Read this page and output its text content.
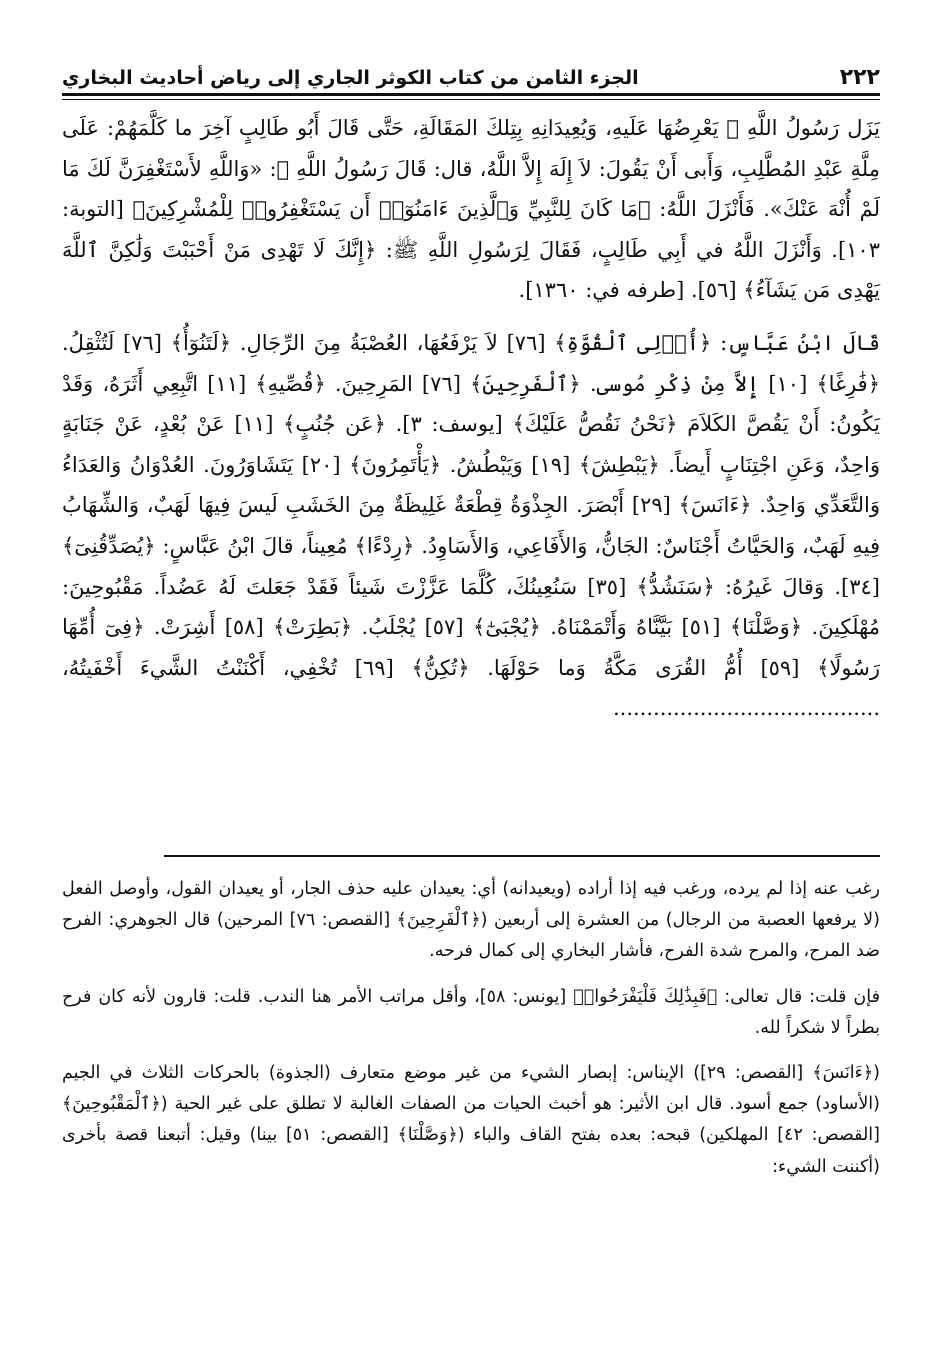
٢٢٢
الجزء الثامن من كتاب الكوثر الجاري إلى رياض أحاديث البخاري

يَزَل رَسُولُ اللَّهِ ﷺ يَعْرِضُهَا عَلَيهِ، وَيُعِيدَانِهِ بِتِلكَ المَقَالَةِ، حَتَّى قَالَ أَبُو طَالِبٍ آخِرَ ما كَلَّمَهُمْ: عَلَى مِلَّةِ عَبْدِ المُطَّلِبِ، وَأَبى أَنْ يَقُولَ: لاَ إِلَهَ إِلاَّ اللَّهُ، قال: قَالَ رَسُولُ اللَّهِ ﷺ: «وَاللَّهِ لأَسْتَغْفِرَنَّ لَكَ مَا لَمْ أُنْهَ عَنْكَ». فَأَنْزَلَ اللَّهُ: ﴿مَا كَانَ لِلنَّبِيِّ وَٱلَّذِينَ ءَامَنُوٓا۟ أَن يَسْتَغْفِرُوا۟ لِلْمُشْرِكِينَ﴾ [التوبة: ١٠٣]. وَأَنْزَلَ اللَّهُ في أَبِي طَالِبٍ، فَقَالَ لِرَسُولِ اللَّهِ ﷺ: ﴿إِنَّكَ لَا تَهْدِى مَنْ أَحْبَبْتَ وَلَٰكِنَّ ٱللَّهَ يَهْدِى مَن يَشَآءُ﴾ [٥٦]. [طرفه في: ١٣٦٠].

قَالَ ابْنُ عَبَّاسٍ: ﴿أُو۟لِى ٱلْقُوَّةِ﴾ [٧٦] لاَ يَرْفَعُهَا، العُصْبَةُ مِنَ الرِّجَالِ. ﴿لَتَنُوٓأُ﴾ [٧٦] لَتُثْقِلُ. ﴿فَٰرِغًا﴾ [١٠] إِلاَّ مِنْ ذِكْرِ مُوسى. ﴿ٱلْفَرِحِينَ﴾ [٧٦] المَرِحِينَ. ﴿قُصِّيهِ﴾ [١١] اتَّبِعِي أَثَرَهُ، وَقَدْ يَكُونُ: أَنْ يَقُصَّ الكَلاَمَ ﴿نَحْنُ نَقُصُّ عَلَيْكَ﴾ [يوسف: ٣]. ﴿عَن جُنُبٍ﴾ [١١] عَنْ بُعْدٍ، عَنْ جَنَابَةٍ وَاحِدٌ، وَعَنِ اجْتِنَابٍ أَيضاً. ﴿يَبْطِشَ﴾ [١٩] وَيَبْطُشُ. ﴿يَأْتَمِرُونَ﴾ [٢٠] يَتَشَاوَرُونَ. العُدْوَانُ وَالعَدَاءُ وَالتَّعَدِّي وَاحِدٌ. ﴿ءَانَسَ﴾ [٢٩] أَبْصَرَ. الجِذْوَةُ قِطْعَةٌ غَلِيظَةٌ مِنَ الخَشَبِ لَيسَ فِيهَا لَهَبٌ، وَالشِّهَابُ فِيهِ لَهَبٌ، وَالحَيَّاتُ أَجْنَاسٌ: الجَانُّ، وَالأَفَاعِي، وَالأَسَاوِدُ. ﴿رِدْءًا﴾ مُعِيناً، قالَ ابْنُ عَبَّاسٍ: ﴿يُصَدِّقُنِىٓ﴾ [٣٤]. وَقالَ غَيرُهُ: ﴿سَنَشُدُّ﴾ [٣٥] سَنُعِينُكَ، كُلَّمَا عَزَّزْتَ شَيئاً فَقَدْ جَعَلتَ لَهُ عَضُداً. مَقْبُوحِينَ: مُهْلَكِينَ. ﴿وَصَّلْنَا﴾ [٥١] بَيَّنَّاهُ وَأَتْمَمْنَاهُ. ﴿يُجْبَىٰٓ﴾ [٥٧] يُجْلَبُ. ﴿بَطِرَتْ﴾ [٥٨] أَشِرَتْ. ﴿فِىٓ أُمِّهَا رَسُولًا﴾ [٥٩] أُمُّ القُرَى مَكَّةُ وَما حَوْلَهَا. ﴿تُكِنُّ﴾ [٦٩] تُخْفِي، أَكْنَنْتُ الشَّيءَ أَخْفَيتُهُ، ........................................

رغب عنه إذا لم يرده، ورغب فيه إذا أراده (ويعيدانه) أي: يعيدان عليه حذف الجار، أو يعيدان القول، وأوصل الفعل (لا يرفعها العصبة من الرجال) من العشرة إلى أربعين (﴿ٱلْفَرِحِينَ﴾ [القصص: ٧٦] المرحين) قال الجوهري: الفرح ضد المرح، والمرح شدة الفرح، فأشار البخاري إلى كمال فرحه.

فإن قلت: قال تعالى: ﴿فَبِذَٰلِكَ فَلْيَفْرَحُوا۟﴾ [يونس: ٥٨]، وأقل مراتب الأمر هنا الندب. قلت: قارون لأنه كان فرح بطراً لا شكراً لله.

(﴿ءَانَسَ﴾ [القصص: ٢٩]) الإيناس: إبصار الشيء من غير موضع متعارف (الجذوة) بالحركات الثلاث في الجيم (الأساود) جمع أسود. قال ابن الأثير: هو أخبث الحيات من الصفات الغالبة لا تطلق على غير الحية (﴿ٱلْمَقْبُوحِينَ﴾ [القصص: ٤٢] المهلكين) قبحه: بعده بفتح القاف والباء (﴿وَصَّلْنَا﴾ [القصص: ٥١] بينا) وقيل: أتبعنا قصة بأخرى (أكننت الشيء:
